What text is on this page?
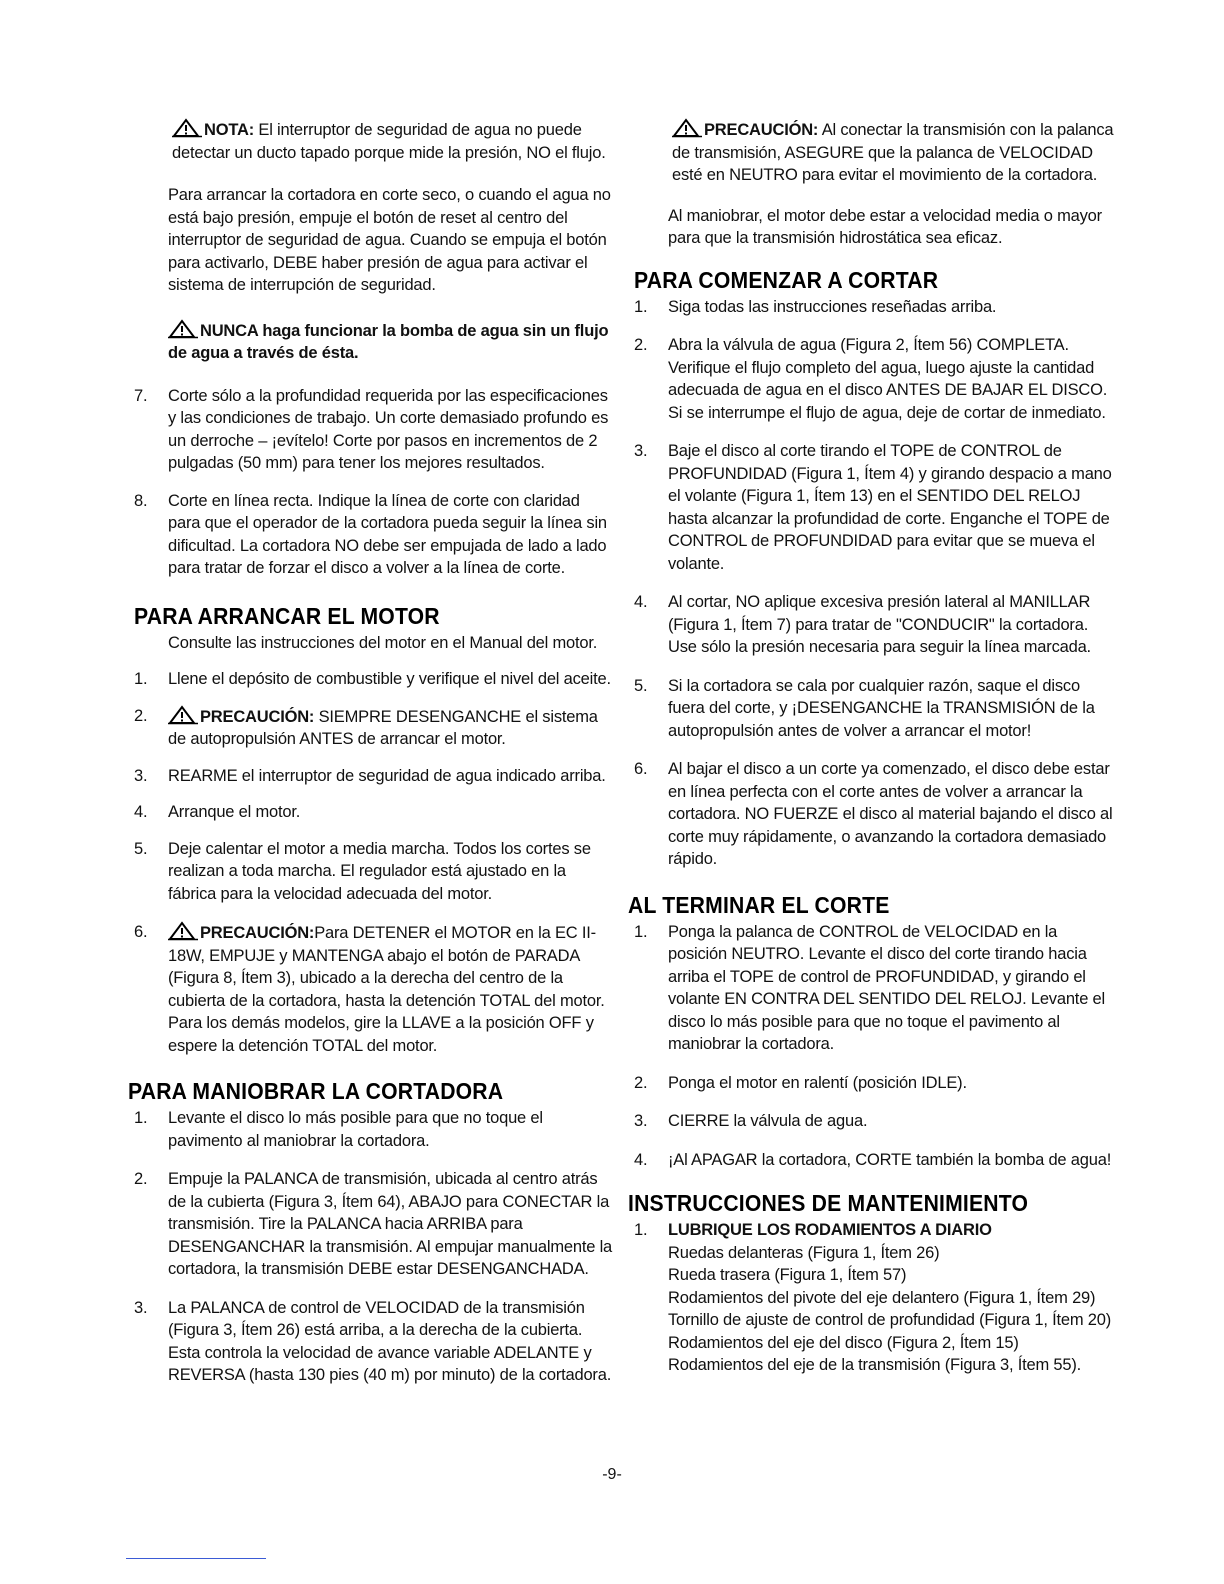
NOTA: El interruptor de seguridad de agua no puede detectar un ducto tapado porque mide la presión, NO el flujo.

Para arrancar la cortadora en corte seco, o cuando el agua no está bajo presión, empuje el botón de reset al centro del interruptor de seguridad de agua. Cuando se empuja el botón para activarlo, DEBE haber presión de agua para activar el sistema de interrupción de seguridad.

NUNCA haga funcionar la bomba de agua sin un flujo de agua a través de ésta.

7.	Corte sólo a la profundidad requerida por las especificaciones y las condiciones de trabajo. Un corte demasiado profundo es un derroche – ¡evítelo! Corte por pasos en incrementos de 2 pulgadas (50 mm) para tener los mejores resultados.
8.	Corte en línea recta. Indique la línea de corte con claridad para que el operador de la cortadora pueda seguir la línea sin dificultad. La cortadora NO debe ser empujada de lado a lado para tratar de forzar el disco a volver a la línea de corte.
PARA ARRANCAR EL MOTOR

Consulte las instrucciones del motor en el Manual del motor.

1.	Llene el depósito de combustible y verifique el nivel del aceite.
2.	PRECAUCIÓN: SIEMPRE DESENGANCHE el sistema de autopropulsión ANTES de arrancar el motor.
3.	REARME el interruptor de seguridad de agua indicado arriba.
4.	Arranque el motor.
5.	Deje calentar el motor a media marcha. Todos los cortes se realizan a toda marcha. El regulador está ajustado en la fábrica para la velocidad adecuada del motor.
6.	PRECAUCIÓN:Para DETENER el MOTOR en la EC II-18W, EMPUJE y MANTENGA abajo el botón de PARADA (Figura 8, Ítem 3), ubicado a la derecha del centro de la cubierta de la cortadora, hasta la detención TOTAL del motor. Para los demás modelos, gire la LLAVE a la posición OFF y espere la detención TOTAL del motor.
PARA MANIOBRAR LA CORTADORA
1.	Levante el disco lo más posible para que no toque el pavimento al maniobrar la cortadora.
2.	Empuje la PALANCA de transmisión, ubicada al centro atrás de la cubierta (Figura 3, Ítem 64), ABAJO para CONECTAR la transmisión. Tire la PALANCA hacia ARRIBA para DESENGANCHAR la transmisión. Al empujar manualmente la cortadora, la transmisión DEBE estar DESENGANCHADA.
3.	La PALANCA de control de VELOCIDAD de la transmisión (Figura 3, Ítem 26) está arriba, a la derecha de la cubierta. Esta controla la velocidad de avance variable ADELANTE y REVERSA (hasta 130 pies (40 m) por minuto) de la cortadora.

PRECAUCIÓN: Al conectar la transmisión con la palanca de transmisión, ASEGURE que la palanca de VELOCIDAD esté en NEUTRO para evitar el movimiento de la cortadora.

Al maniobrar, el motor debe estar a velocidad media o mayor para que la transmisión hidrostática sea eficaz.

PARA COMENZAR A CORTAR
1.	Siga todas las instrucciones reseñadas arriba.
2.	Abra la válvula de agua (Figura 2, Ítem 56) COMPLETA. Verifique el flujo completo del agua, luego ajuste la cantidad adecuada de agua en el disco ANTES DE BAJAR EL DISCO. Si se interrumpe el flujo de agua, deje de cortar de inmediato.
3.	Baje el disco al corte tirando el TOPE de CONTROL de PROFUNDIDAD (Figura 1, Ítem 4) y girando despacio a mano el volante (Figura 1, Ítem 13) en el SENTIDO DEL RELOJ hasta alcanzar la profundidad de corte. Enganche el TOPE de CONTROL de PROFUNDIDAD para evitar que se mueva el volante.
4.	Al cortar, NO aplique excesiva presión lateral al MANILLAR (Figura 1, Ítem 7) para tratar de "CONDUCIR" la cortadora. Use sólo la presión necesaria para seguir la línea marcada.
5.	Si la cortadora se cala por cualquier razón, saque el disco fuera del corte, y ¡DESENGANCHE la TRANSMISIÓN de la autopropulsión antes de volver a arrancar el motor!
6.	Al bajar el disco a un corte ya comenzado, el disco debe estar en línea perfecta con el corte antes de volver a arrancar la cortadora. NO FUERZE el disco al material bajando el disco al corte muy rápidamente, o avanzando la cortadora demasiado rápido.
AL TERMINAR EL CORTE
1.	Ponga la palanca de CONTROL de VELOCIDAD en la posición NEUTRO. Levante el disco del corte tirando hacia arriba el TOPE de control de PROFUNDIDAD, y girando el volante EN CONTRA DEL SENTIDO DEL RELOJ. Levante el disco lo más posible para que no toque el pavimento al maniobrar la cortadora.
2.	Ponga el motor en ralentí (posición IDLE).
3.	CIERRE la válvula de agua.
4.	¡Al APAGAR la cortadora, CORTE también la bomba de agua!
INSTRUCCIONES DE MANTENIMIENTO
1.	LUBRIQUE LOS RODAMIENTOS A DIARIO
Ruedas delanteras (Figura 1, Ítem 26)
Rueda trasera (Figura 1, Ítem 57)
Rodamientos del pivote del eje delantero (Figura 1, Ítem 29)
Tornillo de ajuste de control de profundidad (Figura 1, Ítem 20)
Rodamientos del eje del disco (Figura 2, Ítem 15)
Rodamientos del eje de la transmisión (Figura 3, Ítem 55).
-9-
